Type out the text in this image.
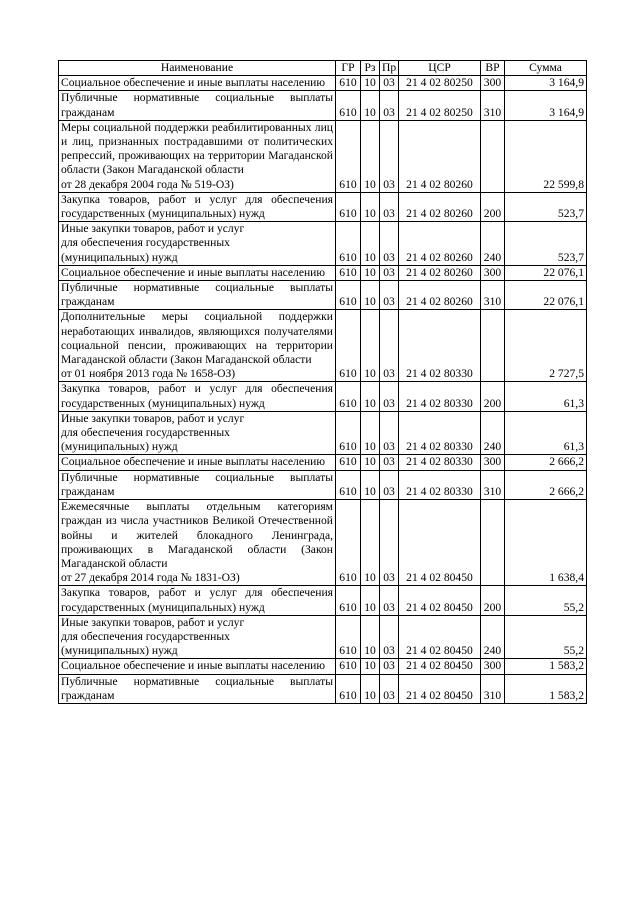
Наименование	ГР	Рз	Пр	ЦСР	ВР	Сумма
Социальное обеспечение и иные выплаты населению	610	10	03	21 4 02 80250	300	3 164,9
Публичные нормативные социальные выплаты гражданам	610	10	03	21 4 02 80250	310	3 164,9
Меры социальной поддержки реабилитированных лиц и лиц, признанных пострадавшими от политических репрессий, проживающих на территории Магаданской области (Закон Магаданской области
от 28 декабря 2004 года № 519-ОЗ)	610	10	03	21 4 02 80260		22 599,8
Закупка товаров, работ и услуг для обеспечения государственных (муниципальных) нужд	610	10	03	21 4 02 80260	200	523,7
Иные закупки товаров, работ и услуг
для обеспечения государственных
(муниципальных) нужд	610	10	03	21 4 02 80260	240	523,7
Социальное обеспечение и иные выплаты населению	610	10	03	21 4 02 80260	300	22 076,1
Публичные нормативные социальные выплаты гражданам	610	10	03	21 4 02 80260	310	22 076,1
Дополнительные меры социальной поддержки неработающих инвалидов, являющихся получателями социальной пенсии, проживающих на территории Магаданской области (Закон Магаданской области
от 01 ноября 2013 года № 1658-ОЗ)	610	10	03	21 4 02 80330		2 727,5
Закупка товаров, работ и услуг для обеспечения государственных (муниципальных) нужд	610	10	03	21 4 02 80330	200	61,3
Иные закупки товаров, работ и услуг
для обеспечения государственных
(муниципальных) нужд	610	10	03	21 4 02 80330	240	61,3
Социальное обеспечение и иные выплаты населению	610	10	03	21 4 02 80330	300	2 666,2
Публичные нормативные социальные выплаты гражданам	610	10	03	21 4 02 80330	310	2 666,2
Ежемесячные выплаты отдельным категориям граждан из числа участников Великой Отечественной войны и жителей блокадного Ленинграда, проживающих в Магаданской области (Закон Магаданской области
от 27 декабря 2014 года № 1831-ОЗ)	610	10	03	21 4 02 80450		1 638,4
Закупка товаров, работ и услуг для обеспечения государственных (муниципальных) нужд	610	10	03	21 4 02 80450	200	55,2
Иные закупки товаров, работ и услуг
для обеспечения государственных
(муниципальных) нужд	610	10	03	21 4 02 80450	240	55,2
Социальное обеспечение и иные выплаты населению	610	10	03	21 4 02 80450	300	1 583,2
Публичные нормативные социальные выплаты гражданам	610	10	03	21 4 02 80450	310	1 583,2
